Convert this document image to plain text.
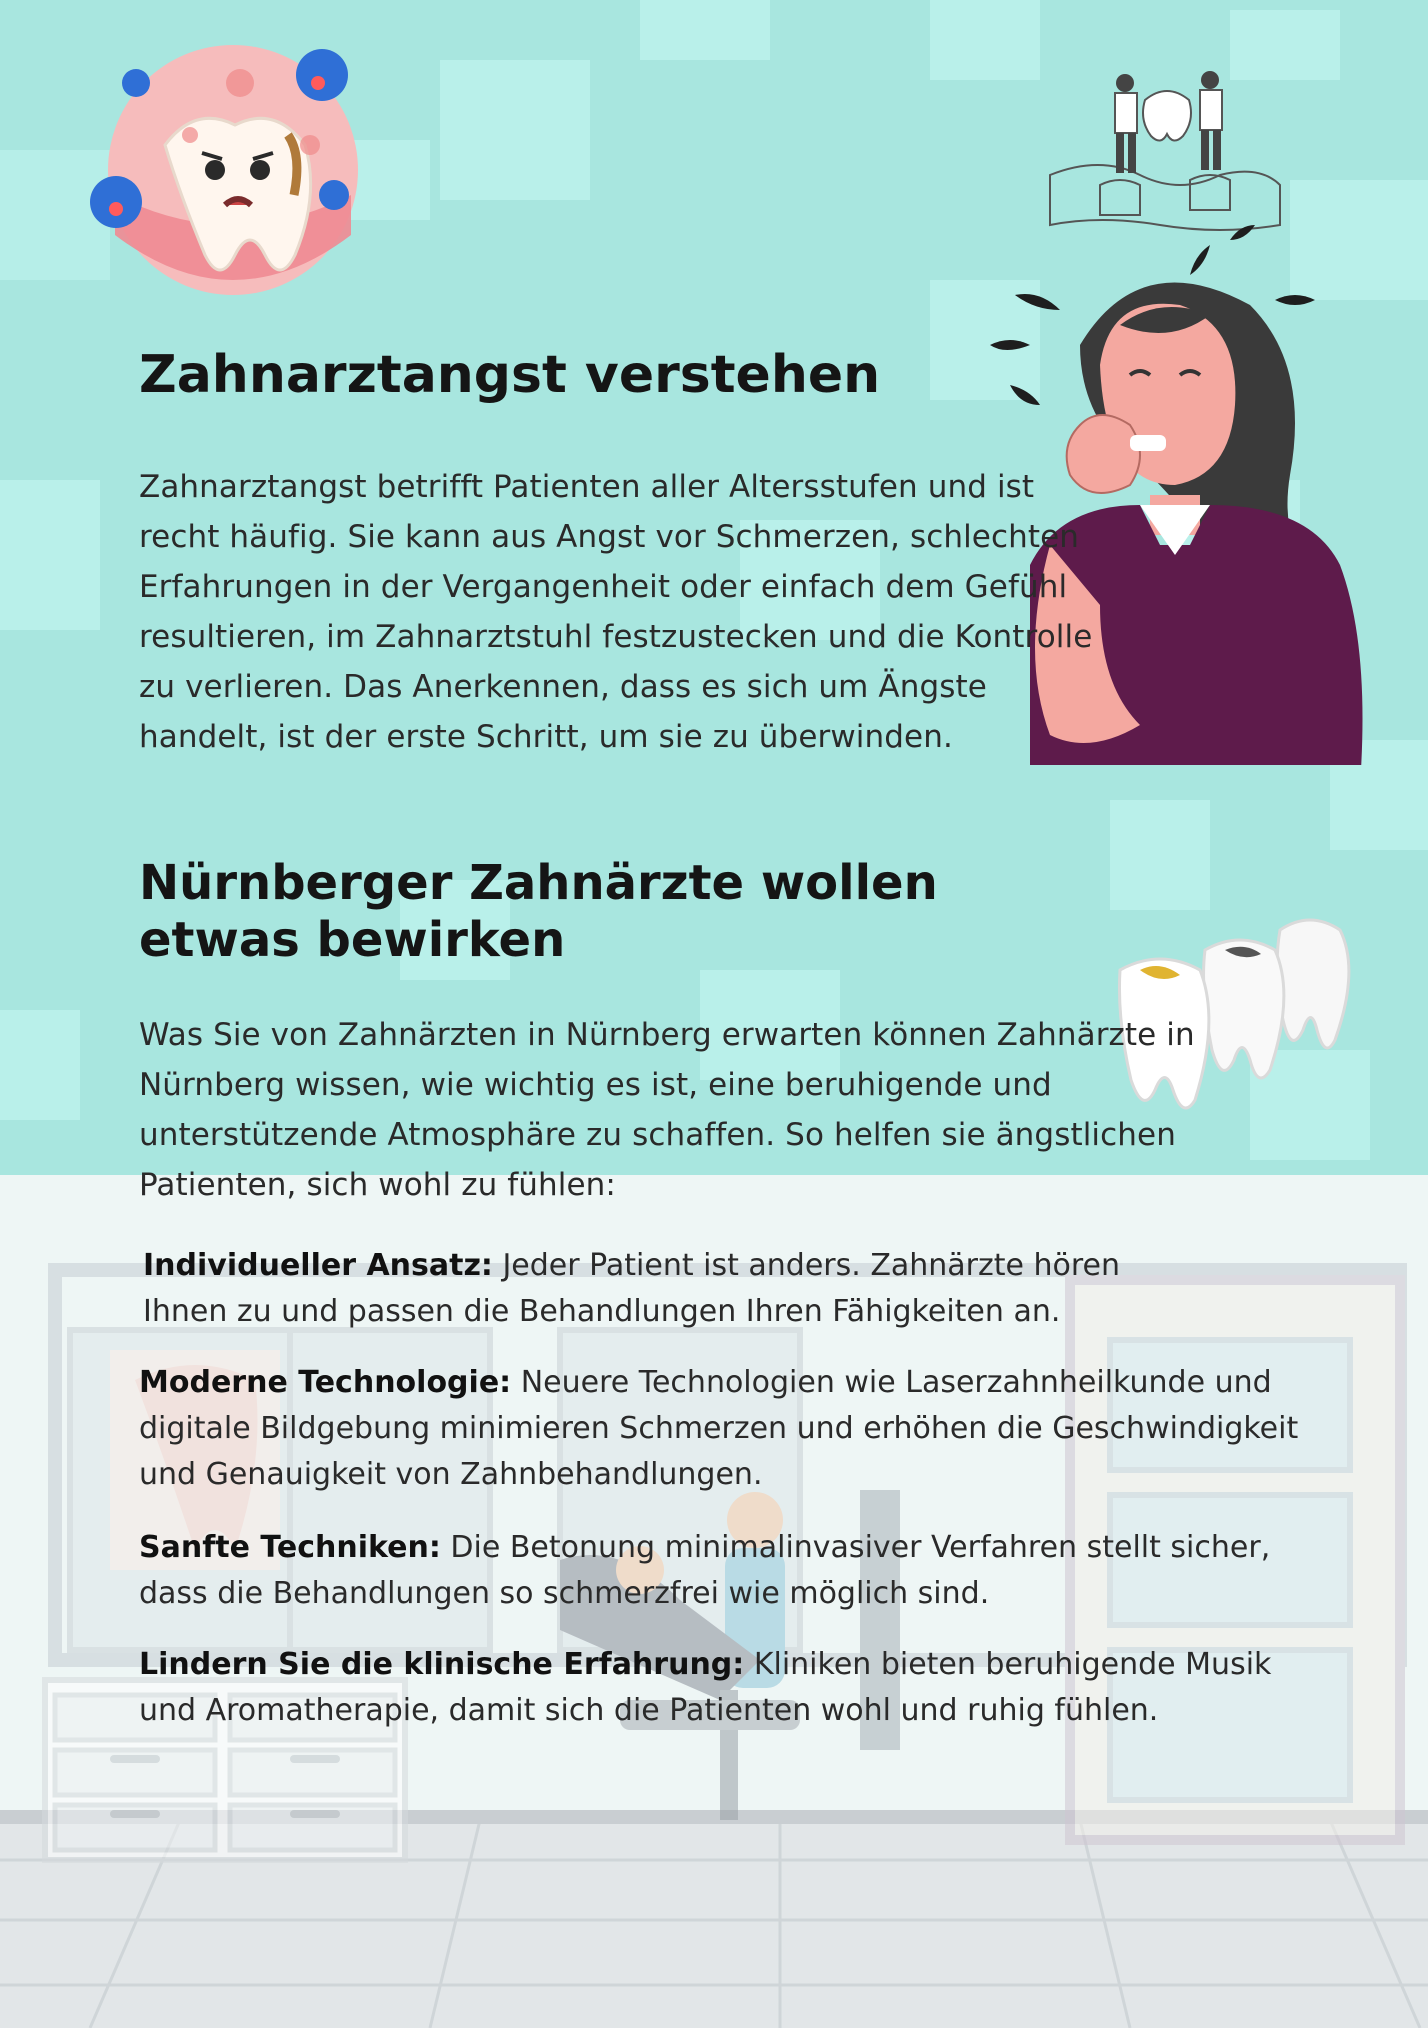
Zahnarztangst verstehen

Zahnarztangst betrifft Patienten aller Altersstufen und ist recht häufig. Sie kann aus Angst vor Schmerzen, schlechten Erfahrungen in der Vergangenheit oder einfach dem Gefühl resultieren, im Zahnarztstuhl festzustecken und die Kontrolle zu verlieren. Das Anerkennen, dass es sich um Ängste handelt, ist der erste Schritt, um sie zu überwinden.

Nürnberger Zahnärzte wollen etwas bewirken

Was Sie von Zahnärzten in Nürnberg erwarten können Zahnärzte in Nürnberg wissen, wie wichtig es ist, eine beruhigende und unterstützende Atmosphäre zu schaffen. So helfen sie ängstlichen Patienten, sich wohl zu fühlen:

Individueller Ansatz: Jeder Patient ist anders. Zahnärzte hören Ihnen zu und passen die Behandlungen Ihren Fähigkeiten an.

Moderne Technologie: Neuere Technologien wie Laserzahnheilkunde und digitale Bildgebung minimieren Schmerzen und erhöhen die Geschwindigkeit und Genauigkeit von Zahnbehandlungen.

Sanfte Techniken: Die Betonung minimalinvasiver Verfahren stellt sicher, dass die Behandlungen so schmerzfrei wie möglich sind.

Lindern Sie die klinische Erfahrung: Kliniken bieten beruhigende Musik und Aromatherapie, damit sich die Patienten wohl und ruhig fühlen.
